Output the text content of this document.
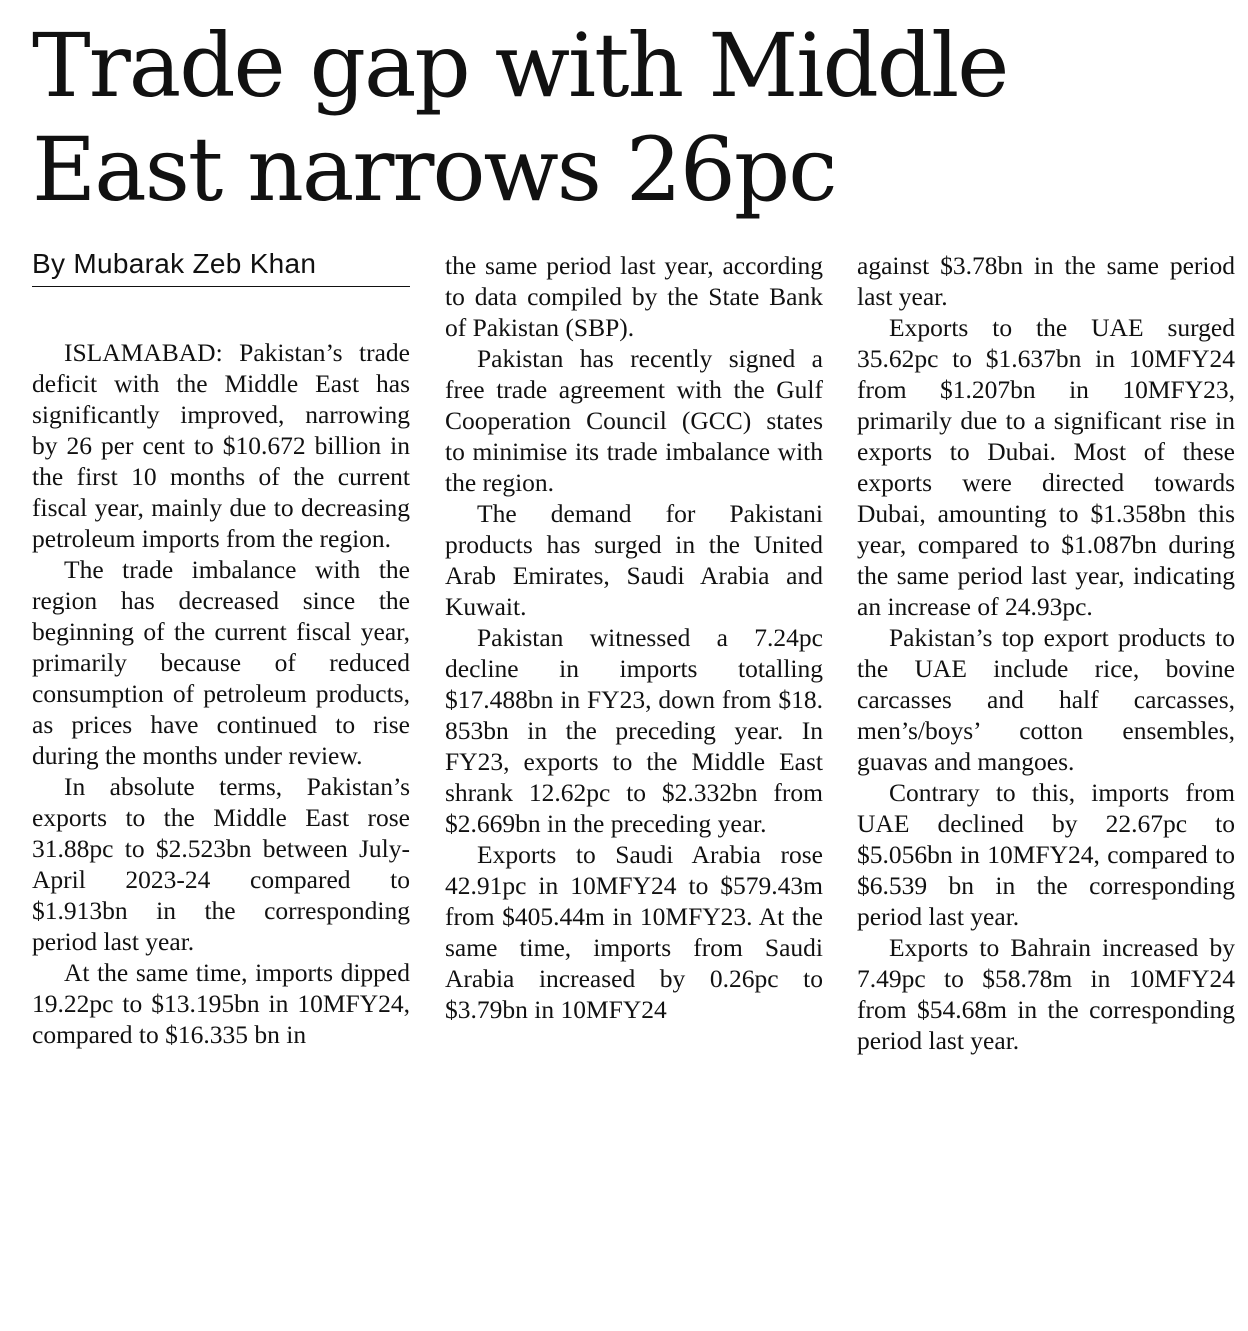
Trade gap with Middle East narrows 26pc
By Mubarak Zeb Khan

ISLAMABAD: Pakistan’s trade deficit with the Middle East has significantly improved, narrowing by 26 per cent to $10.672 billion in the first 10 months of the current fiscal year, mainly due to decreasing petroleum imports from the region.

The trade imbalance with the region has decreased since the beginning of the current fiscal year, primarily because of reduced consumption of petroleum products, as prices have continued to rise during the months under review.

In absolute terms, Pakistan’s exports to the Middle East rose 31.88pc to $2.523bn between July-April 2023-24 compared to $1.913bn in the corresponding period last year.

At the same time, imports dipped 19.22pc to $13.195bn in 10MFY24, compared to $16.335 bn in

the same period last year, according to data compiled by the State Bank of Pakistan (SBP).

Pakistan has recently signed a free trade agreement with the Gulf Cooperation Council (GCC) states to minimise its trade imbalance with the region.

The demand for Pakistani products has surged in the United Arab Emirates, Saudi Arabia and Kuwait.

Pakistan witnessed a 7.24pc decline in imports totalling $17.488bn in FY23, down from $18. 853bn in the preceding year. In FY23, exports to the Middle East shrank 12.62pc to $2.332bn from $2.669bn in the preceding year.

Exports to Saudi Arabia rose 42.91pc in 10MFY24 to $579.43m from $405.44m in 10MFY23. At the same time, imports from Saudi Arabia increased by 0.26pc to $3.79bn in 10MFY24

against $3.78bn in the same period last year.

Exports to the UAE surged 35.62pc to $1.637bn in 10MFY24 from $1.207bn in 10MFY23, primarily due to a significant rise in exports to Dubai. Most of these exports were directed towards Dubai, amounting to $1.358bn this year, compared to $1.087bn during the same period last year, indicating an increase of 24.93pc.

Pakistan’s top export products to the UAE include rice, bovine carcasses and half carcasses, men’s/boys’ cotton ensembles, guavas and mangoes.

Contrary to this, imports from UAE declined by 22.67pc to $5.056bn in 10MFY24, compared to $6.539 bn in the corresponding period last year.

Exports to Bahrain increased by 7.49pc to $58.78m in 10MFY24 from $54.68m in the corresponding period last year.
